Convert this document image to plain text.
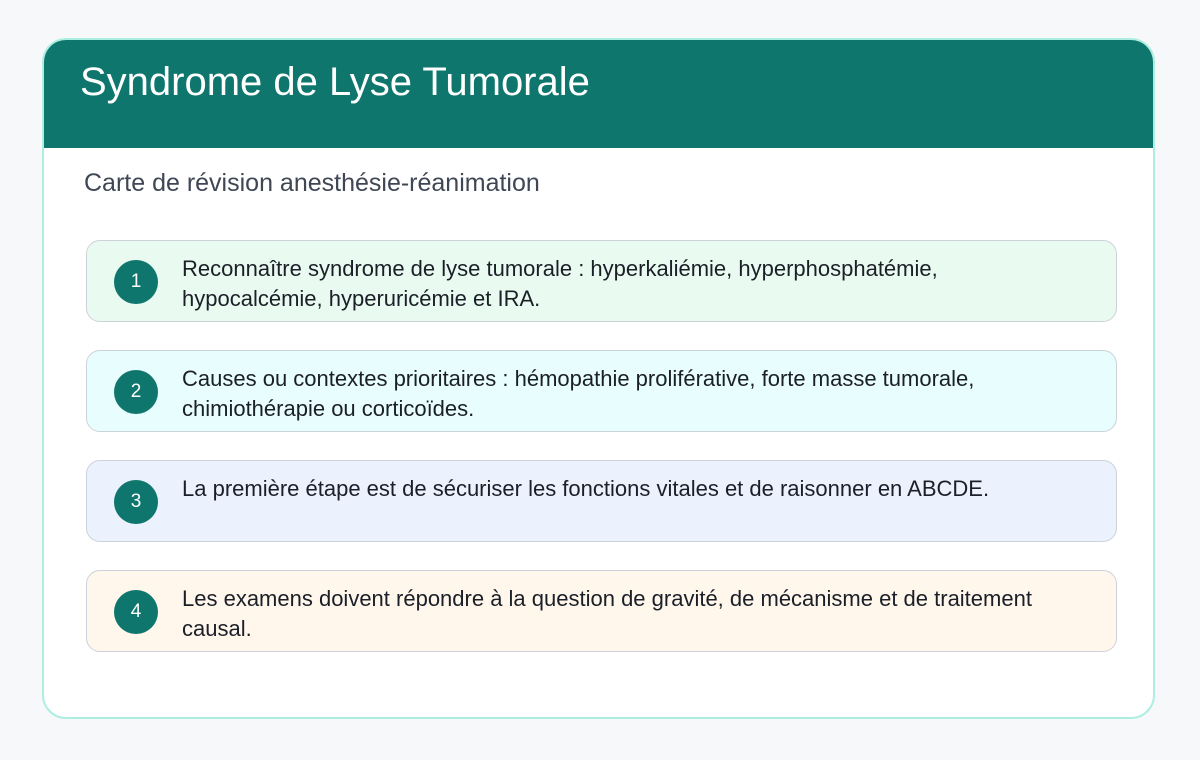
Syndrome de Lyse Tumorale

Carte de révision anesthésie-réanimation

1

Reconnaître syndrome de lyse tumorale : hyperkaliémie, hyperphosphatémie, hypocalcémie, hyperuricémie et IRA.

2

Causes ou contextes prioritaires : hémopathie proliférative, forte masse tumorale, chimiothérapie ou corticoïdes.

3

La première étape est de sécuriser les fonctions vitales et de raisonner en ABCDE.

4

Les examens doivent répondre à la question de gravité, de mécanisme et de traitement causal.
